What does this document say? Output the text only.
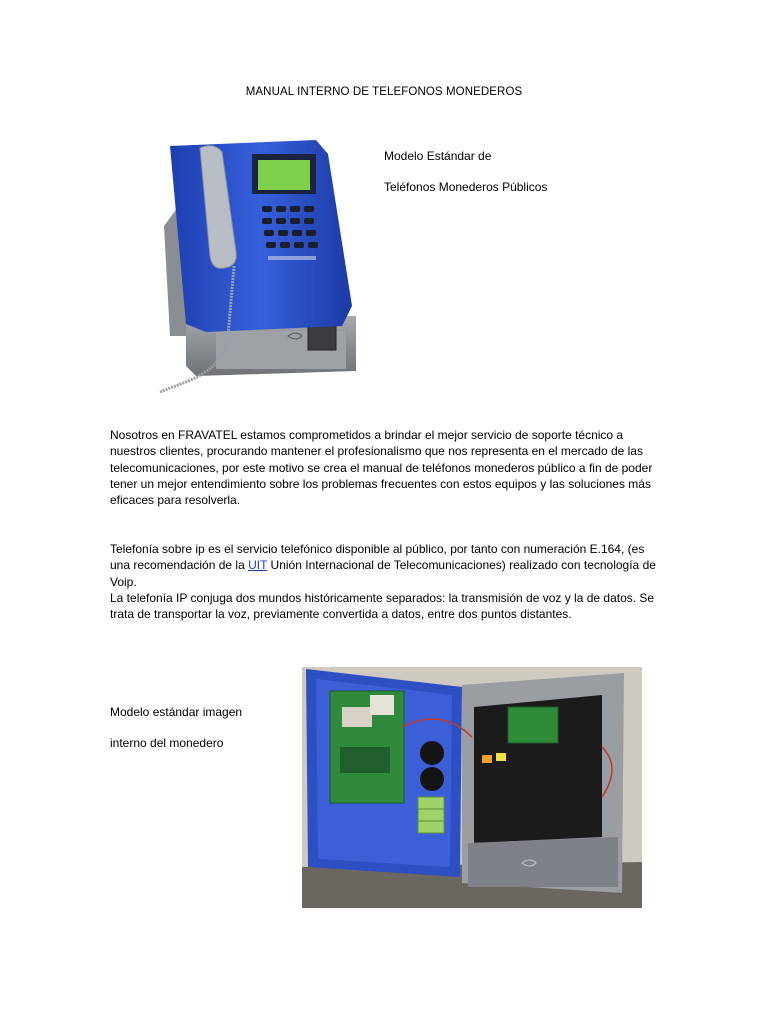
MANUAL INTERNO DE TELEFONOS MONEDEROS
Modelo Estándar de
Teléfonos Monederos Públicos

Nosotros en FRAVATEL estamos comprometidos a brindar el mejor servicio de soporte técnico a nuestros clientes, procurando mantener el profesionalismo que nos representa en el mercado de las telecomunicaciones, por este motivo se crea el manual de teléfonos monederos público a fin de poder tener un mejor entendimiento sobre los problemas frecuentes con estos equipos y las soluciones más eficaces para resolverla.

Telefonía sobre ip es el servicio telefónico disponible al público, por tanto con numeración E.164, (es una recomendación de la UIT Unión Internacional de Telecomunicaciones) realizado con tecnología de Voip.

La telefonía IP conjuga dos mundos históricamente separados: la transmisión de voz y la de datos. Se trata de transportar la voz, previamente convertida a datos, entre dos puntos distantes.

Modelo estándar imagen
interno del monedero
